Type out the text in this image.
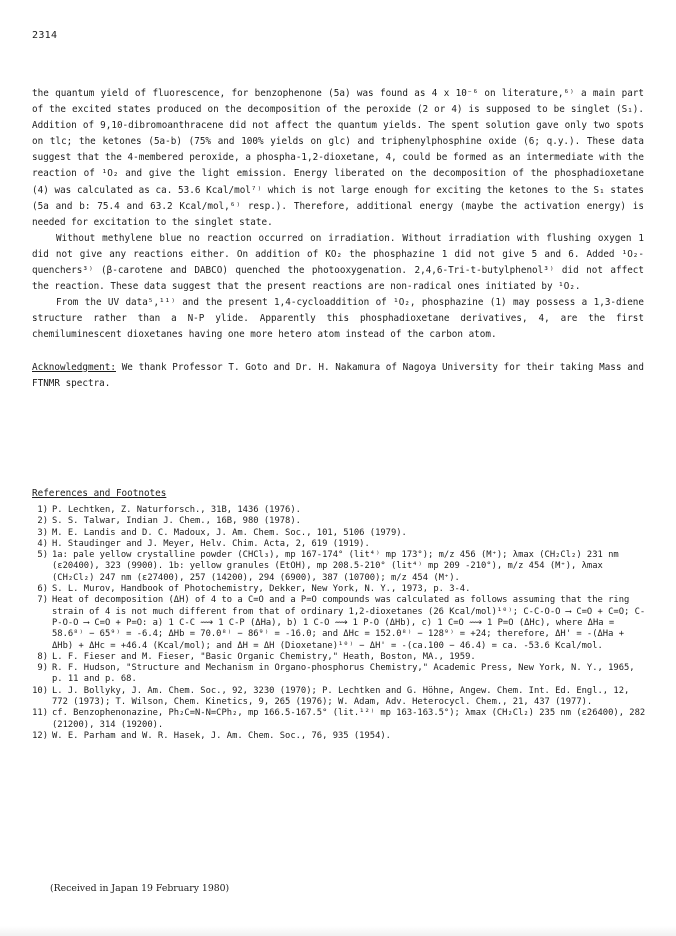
2314

the quantum yield of fluorescence, for benzophenone (5a) was found as 4 x 10⁻⁶ on literature,⁶⁾ a main part of the excited states produced on the decomposition of the peroxide (2 or 4) is supposed to be singlet (S₁). Addition of 9,10-dibromoanthracene did not affect the quantum yields. The spent solution gave only two spots on tlc; the ketones (5a-b) (75% and 100% yields on glc) and triphenylphosphine oxide (6; q.y.). These data suggest that the 4-membered peroxide, a phospha-1,2-dioxetane, 4, could be formed as an intermediate with the reaction of ¹O₂ and give the light emission. Energy liberated on the decomposition of the phosphadioxetane (4) was calculated as ca. 53.6 Kcal/mol⁷⁾ which is not large enough for exciting the ketones to the S₁ states (5a and b: 75.4 and 63.2 Kcal/mol,⁶⁾ resp.). Therefore, additional energy (maybe the activation energy) is needed for excitation to the singlet state.

Without methylene blue no reaction occurred on irradiation. Without irradiation with flushing oxygen 1 did not give any reactions either. On addition of KO₂ the phosphazine 1 did not give 5 and 6. Added ¹O₂-quenchers³⁾ (β-carotene and DABCO) quenched the photooxygenation. 2,4,6-Tri-t-butylphenol³⁾ did not affect the reaction. These data suggest that the present reactions are non-radical ones initiated by ¹O₂.

From the UV data⁵,¹¹⁾ and the present 1,4-cycloaddition of ¹O₂, phosphazine (1) may possess a 1,3-diene structure rather than a N-P ylide. Apparently this phosphadioxetane derivatives, 4, are the first chemiluminescent dioxetanes having one more hetero atom instead of the carbon atom.

Acknowledgment: We thank Professor T. Goto and Dr. H. Nakamura of Nagoya University for their taking Mass and FTNMR spectra.

References and Footnotes
1) P. Lechtken, Z. Naturforsch., 31B, 1436 (1976).
2) S. S. Talwar, Indian J. Chem., 16B, 980 (1978).
3) M. E. Landis and D. C. Madoux, J. Am. Chem. Soc., 101, 5106 (1979).
4) H. Staudinger and J. Meyer, Helv. Chim. Acta, 2, 619 (1919).
5) 1a: pale yellow crystalline powder (CHCl₃), mp 167-174° (lit⁴⁾ mp 173°); m/z 456 (M⁺); λmax (CH₂Cl₂) 231 nm (ε20400), 323 (9900). 1b: yellow granules (EtOH), mp 208.5-210° (lit⁴⁾ mp 209 -210°), m/z 454 (M⁺), λmax (CH₂Cl₂) 247 nm (ε27400), 257 (14200), 294 (6900), 387 (10700); m/z 454 (M⁺).
6) S. L. Murov, Handbook of Photochemistry, Dekker, New York, N. Y., 1973, p. 3-4.
7) Heat of decomposition (ΔH) of 4 to a C=O and a P=O compounds was calculated as follows assuming that the ring strain of 4 is not much different from that of ordinary 1,2-dioxetanes (26 Kcal/mol)¹⁰⁾; C-C-O-O ⟶ C=O + C=O; C-P-O-O ⟶ C=O + P=O: a) 1 C-C ⟿ 1 C-P (ΔHa), b) 1 C-O ⟿ 1 P-O (ΔHb), c) 1 C=O ⟿ 1 P=O (ΔHc), where ΔHa = 58.6⁸⁾ − 65⁹⁾ = -6.4; ΔHb = 70.0⁸⁾ − 86⁹⁾ = -16.0; and ΔHc = 152.0⁸⁾ − 128⁹⁾ = +24; therefore, ΔH' = -(ΔHa + ΔHb) + ΔHc = +46.4 (Kcal/mol); and ΔH = ΔH (Dioxetane)¹⁰⁾ − ΔH' = -(ca.100 − 46.4) = ca. -53.6 Kcal/mol.
8) L. F. Fieser and M. Fieser, "Basic Organic Chemistry," Heath, Boston, MA., 1959.
9) R. F. Hudson, "Structure and Mechanism in Organo-phosphorus Chemistry," Academic Press, New York, N. Y., 1965, p. 11 and p. 68.
10) L. J. Bollyky, J. Am. Chem. Soc., 92, 3230 (1970); P. Lechtken and G. Höhne, Angew. Chem. Int. Ed. Engl., 12, 772 (1973); T. Wilson, Chem. Kinetics, 9, 265 (1976); W. Adam, Adv. Heterocycl. Chem., 21, 437 (1977).
11) cf. Benzophenonazine, Ph₂C=N-N=CPh₂, mp 166.5-167.5° (lit.¹²⁾ mp 163-163.5°); λmax (CH₂Cl₂) 235 nm (ε26400), 282 (21200), 314 (19200).
12) W. E. Parham and W. R. Hasek, J. Am. Chem. Soc., 76, 935 (1954).
(Received in Japan 19 February 1980)
